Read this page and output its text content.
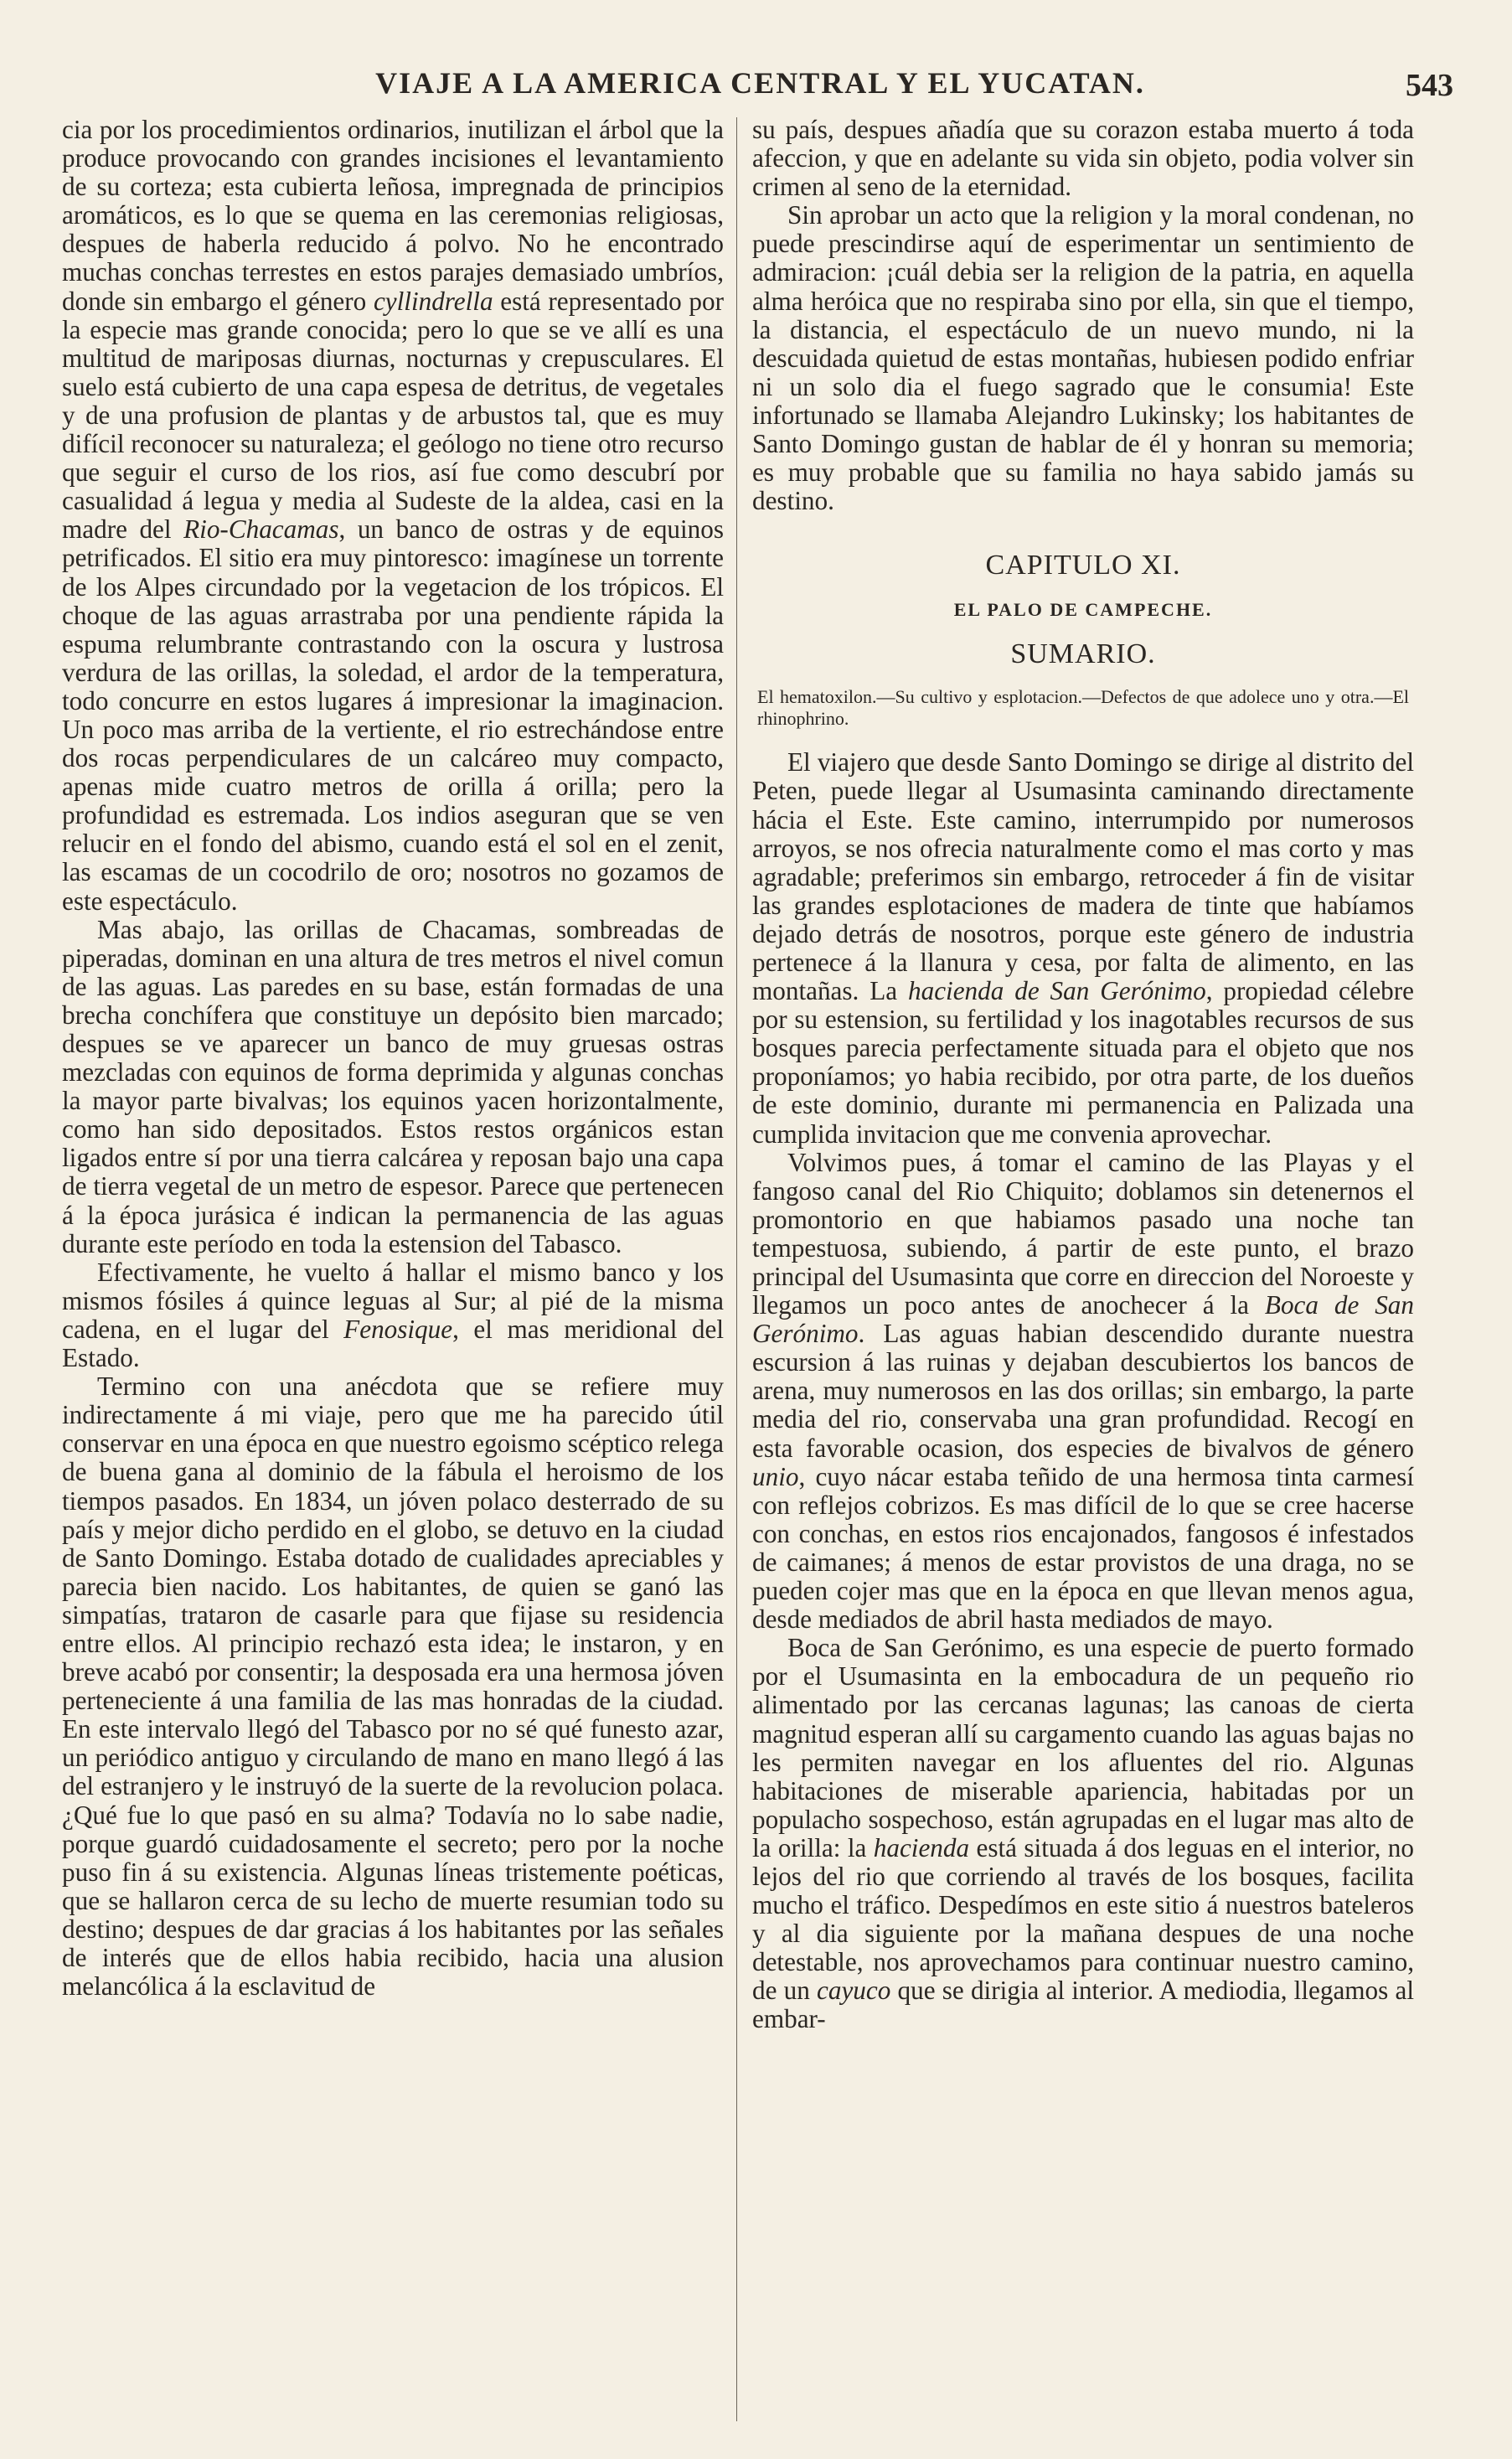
VIAJE A LA AMERICA CENTRAL Y EL YUCATAN.	543

cia por los procedimientos ordinarios, inutilizan el árbol que la produce provocando con grandes incisiones el levantamiento de su corteza; esta cubierta leñosa, impregnada de principios aromáticos, es lo que se quema en las ceremonias religiosas, despues de haberla reducido á polvo. No he encontrado muchas conchas terrestes en estos parajes demasiado umbríos, donde sin embargo el género cyllindrella está representado por la especie mas grande conocida; pero lo que se ve allí es una multitud de mariposas diurnas, nocturnas y crepusculares. El suelo está cubierto de una capa espesa de detritus, de vegetales y de una profusion de plantas y de arbustos tal, que es muy difícil reconocer su naturaleza; el geólogo no tiene otro recurso que seguir el curso de los rios, así fue como descubrí por casualidad á legua y media al Sudeste de la aldea, casi en la madre del Rio-Chacamas, un banco de ostras y de equinos petrificados. El sitio era muy pintoresco: imagínese un torrente de los Alpes circundado por la vegetacion de los trópicos. El choque de las aguas arrastraba por una pendiente rápida la espuma relumbrante contrastando con la oscura y lustrosa verdura de las orillas, la soledad, el ardor de la temperatura, todo concurre en estos lugares á impresionar la imaginacion. Un poco mas arriba de la vertiente, el rio estrechándose entre dos rocas perpendiculares de un calcáreo muy compacto, apenas mide cuatro metros de orilla á orilla; pero la profundidad es estremada. Los indios aseguran que se ven relucir en el fondo del abismo, cuando está el sol en el zenit, las escamas de un cocodrilo de oro; nosotros no gozamos de este espectáculo.

Mas abajo, las orillas de Chacamas, sombreadas de piperadas, dominan en una altura de tres metros el nivel comun de las aguas. Las paredes en su base, están formadas de una brecha conchífera que constituye un depósito bien marcado; despues se ve aparecer un banco de muy gruesas ostras mezcladas con equinos de forma deprimida y algunas conchas la mayor parte bivalvas; los equinos yacen horizontalmente, como han sido depositados. Estos restos orgánicos estan ligados entre sí por una tierra calcárea y reposan bajo una capa de tierra vegetal de un metro de espesor. Parece que pertenecen á la época jurásica é indican la permanencia de las aguas durante este período en toda la estension del Tabasco.

Efectivamente, he vuelto á hallar el mismo banco y los mismos fósiles á quince leguas al Sur; al pié de la misma cadena, en el lugar del Fenosique, el mas meridional del Estado.

Termino con una anécdota que se refiere muy indirectamente á mi viaje, pero que me ha parecido útil conservar en una época en que nuestro egoismo scéptico relega de buena gana al dominio de la fábula el heroismo de los tiempos pasados. En 1834, un jóven polaco desterrado de su país y mejor dicho perdido en el globo, se detuvo en la ciudad de Santo Domingo. Estaba dotado de cualidades apreciables y parecia bien nacido. Los habitantes, de quien se ganó las simpatías, trataron de casarle para que fijase su residencia entre ellos. Al principio rechazó esta idea; le instaron, y en breve acabó por consentir; la desposada era una hermosa jóven perteneciente á una familia de las mas honradas de la ciudad. En este intervalo llegó del Tabasco por no sé qué funesto azar, un periódico antiguo y circulando de mano en mano llegó á las del estranjero y le instruyó de la suerte de la revolucion polaca. ¿Qué fue lo que pasó en su alma? Todavía no lo sabe nadie, porque guardó cuidadosamente el secreto; pero por la noche puso fin á su existencia. Algunas líneas tristemente poéticas, que se hallaron cerca de su lecho de muerte resumian todo su destino; despues de dar gracias á los habitantes por las señales de interés que de ellos habia recibido, hacia una alusion melancólica á la esclavitud de

su país, despues añadía que su corazon estaba muerto á toda afeccion, y que en adelante su vida sin objeto, podia volver sin crimen al seno de la eternidad.

Sin aprobar un acto que la religion y la moral condenan, no puede prescindirse aquí de esperimentar un sentimiento de admiracion: ¡cuál debia ser la religion de la patria, en aquella alma heróica que no respiraba sino por ella, sin que el tiempo, la distancia, el espectáculo de un nuevo mundo, ni la descuidada quietud de estas montañas, hubiesen podido enfriar ni un solo dia el fuego sagrado que le consumia! Este infortunado se llamaba Alejandro Lukinsky; los habitantes de Santo Domingo gustan de hablar de él y honran su memoria; es muy probable que su familia no haya sabido jamás su destino.

CAPITULO XI.
EL PALO DE CAMPECHE.
SUMARIO.
El hematoxilon.—Su cultivo y esplotacion.—Defectos de que adolece uno y otra.—El rhinophrino.

El viajero que desde Santo Domingo se dirige al distrito del Peten, puede llegar al Usumasinta caminando directamente hácia el Este. Este camino, interrumpido por numerosos arroyos, se nos ofrecia naturalmente como el mas corto y mas agradable; preferimos sin embargo, retroceder á fin de visitar las grandes esplotaciones de madera de tinte que habíamos dejado detrás de nosotros, porque este género de industria pertenece á la llanura y cesa, por falta de alimento, en las montañas. La hacienda de San Gerónimo, propiedad célebre por su estension, su fertilidad y los inagotables recursos de sus bosques parecia perfectamente situada para el objeto que nos proponíamos; yo habia recibido, por otra parte, de los dueños de este dominio, durante mi permanencia en Palizada una cumplida invitacion que me convenia aprovechar.

Volvimos pues, á tomar el camino de las Playas y el fangoso canal del Rio Chiquito; doblamos sin detenernos el promontorio en que habiamos pasado una noche tan tempestuosa, subiendo, á partir de este punto, el brazo principal del Usumasinta que corre en direccion del Noroeste y llegamos un poco antes de anochecer á la Boca de San Gerónimo. Las aguas habian descendido durante nuestra escursion á las ruinas y dejaban descubiertos los bancos de arena, muy numerosos en las dos orillas; sin embargo, la parte media del rio, conservaba una gran profundidad. Recogí en esta favorable ocasion, dos especies de bivalvos de género unio, cuyo nácar estaba teñido de una hermosa tinta carmesí con reflejos cobrizos. Es mas difícil de lo que se cree hacerse con conchas, en estos rios encajonados, fangosos é infestados de caimanes; á menos de estar provistos de una draga, no se pueden cojer mas que en la época en que llevan menos agua, desde mediados de abril hasta mediados de mayo.

Boca de San Gerónimo, es una especie de puerto formado por el Usumasinta en la embocadura de un pequeño rio alimentado por las cercanas lagunas; las canoas de cierta magnitud esperan allí su cargamento cuando las aguas bajas no les permiten navegar en los afluentes del rio. Algunas habitaciones de miserable apariencia, habitadas por un populacho sospechoso, están agrupadas en el lugar mas alto de la orilla: la hacienda está situada á dos leguas en el interior, no lejos del rio que corriendo al través de los bosques, facilita mucho el tráfico. Despedímos en este sitio á nuestros bateleros y al dia siguiente por la mañana despues de una noche detestable, nos aprovechamos para continuar nuestro camino, de un cayuco que se dirigia al interior. A mediodia, llegamos al embar-
